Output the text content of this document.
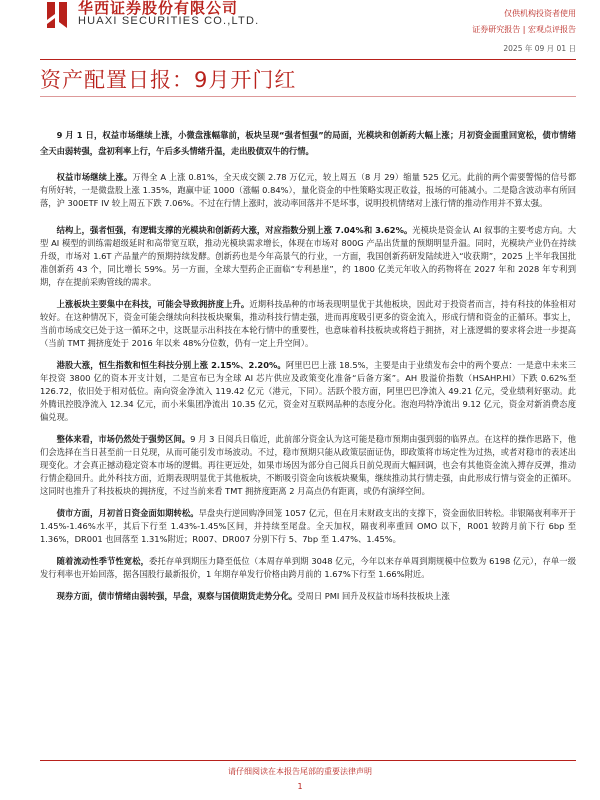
华西证券股份有限公司
HUAXI SECURITIES CO.,LTD.
仅供机构投资者使用
证券研究报告 | 宏观点评报告
2025 年 09 月 01 日
资产配置日报：9月开门红

9 月 1 日，权益市场继续上涨，小微盘涨幅靠前，板块呈现“强者恒强”的局面，光模块和创新药大幅上涨；月初资金面重回宽松，债市情绪全天由弱转强，盘初利率上行，午后多头情绪升温，走出股债双牛的行情。

权益市场继续上涨。万得全 A 上涨 0.81%，全天成交额 2.78 万亿元，较上周五（8 月 29）缩量 525 亿元。此前的两个需要警惕的信号都有所好转，一是微盘股上涨 1.35%，跑赢中证 1000（涨幅 0.84%），量化资金的中性策略实现正收益，报场的可能减小。二是隐含波动率有所回落，沪 300ETF IV 较上周五下跌 7.06%。不过在行情上涨时，波动率回落并不是坏事，说明投机情绪对上涨行情的推动作用并不算太强。

结构上，强者恒强，有逻辑支撑的光模块和创新药大涨，对应指数分别上涨 7.04%和 3.62%。光模块是资金认 AI 叙事的主要考虑方向。大型 AI 模型的训练需超级延时和高带宽互联，推动光模块需求增长，体现在市场对 800G 产品出货量的预期明显升温。同时，光模块产业仍在持续升级，市场对 1.6T 产品量产的预期持续发酵。创新药也是今年高景气的行业，一方面，我国创新药研发陆续进入“收获期”，2025 上半年我国批准创新药 43 个，同比增长 59%。另一方面，全球大型药企正面临“专利悬崖”，约 1800 亿美元年收入的药物将在 2027 年和 2028 年专利到期，存在提前采购管线的需求。

上涨板块主要集中在科技，可能会导致拥挤度上升。近期科技品种的市场表现明显优于其他板块，因此对于投资者而言，持有科技的体验相对较好。在这种情况下，资金可能会继续向科技板块聚集，推动科技行情走强，进而再度吸引更多的资金流入，形成行情和资金的正循环。事实上，当前市场成交已处于这一循环之中，这既显示出科技在本轮行情中的重要性，也意味着科技板块或将趋于拥挤，对上涨逻辑的要求将会进一步提高（当前 TMT 拥挤度处于 2016 年以来 48%分位数，仍有一定上升空间）。

港股大涨，恒生指数和恒生科技分别上涨 2.15%、2.20%。阿里巴巴上涨 18.5%，主要是由于业绩发布会中的两个要点：一是意中未来三年投资 3800 亿的资本开支计划，二是宣布已为全球 AI 芯片供应及政策变化准备“后备方案”。AH 股溢价指数（HSAHP.HI）下跌 0.62%至 126.72，依旧处于相对低位。南向资金净流入 119.42 亿元（港元，下同）。活跃个股方面，阿里巴巴净流入 49.21 亿元，受业绩利好驱动。此外腾讯控股净流入 12.34 亿元，而小米集团净流出 10.35 亿元，资金对互联网品种的态度分化。泡泡玛特净流出 9.12 亿元，资金对新消费态度偏兑现。

整体来看，市场仍然处于强势区间。9 月 3 日阅兵日临近，此前部分资金认为这可能是稳市预期由强到弱的临界点。在这样的操作思路下，他们会选择在当日甚至前一日兑现，从而可能引发市场波动。不过，稳市预期只能从政策层面证伪，即政策将市场定性为过热，或者对稳市的表述出现变化。才会真正撼动稳定资本市场的逻辑。再往更远处，如果市场因为部分自己阅兵日前兑现而大幅回调，也会有其他资金流入搏存反弹，推动行情企稳回升。此外科技方面，近期表现明显优于其他板块，不断吸引资金向该板块聚集，继续推动其行情走强，由此形成行情与资金的正循环。这同时也推升了科技板块的拥挤度，不过当前来看 TMT 拥挤度距离 2 月高点仍有距离，或仍有演绎空间。

债市方面，月初首日资金面如期转松。早盘央行逆回购净回笼 1057 亿元，但在月末财政支出的支撑下，资金面依旧转松。非银隔夜利率开于 1.45%-1.46%水平，其后下行至 1.43%-1.45%区间，并持续至尾盘。全天加权，隔夜利率重回 OMO 以下，R001 较跨月前下行 6bp 至 1.36%，DR001 也回落至 1.31%附近；R007、DR007 分别下行 5、7bp 至 1.47%、1.45%。

随着流动性季节性宽松，委托存单到期压力降至低位（本周存单到期 3048 亿元，今年以来存单周到期规模中位数为 6198 亿元），存单一级发行利率也开始回落，据各国股行最新报价，1 年期存单发行价格由跨月前的 1.67%下行至 1.66%附近。

现券方面，债市情绪由弱转强，早盘，观察与国债期货走势分化。受周日 PMI 回升及权益市场科技板块上涨

请仔细阅读在本报告尾部的重要法律声明
1
